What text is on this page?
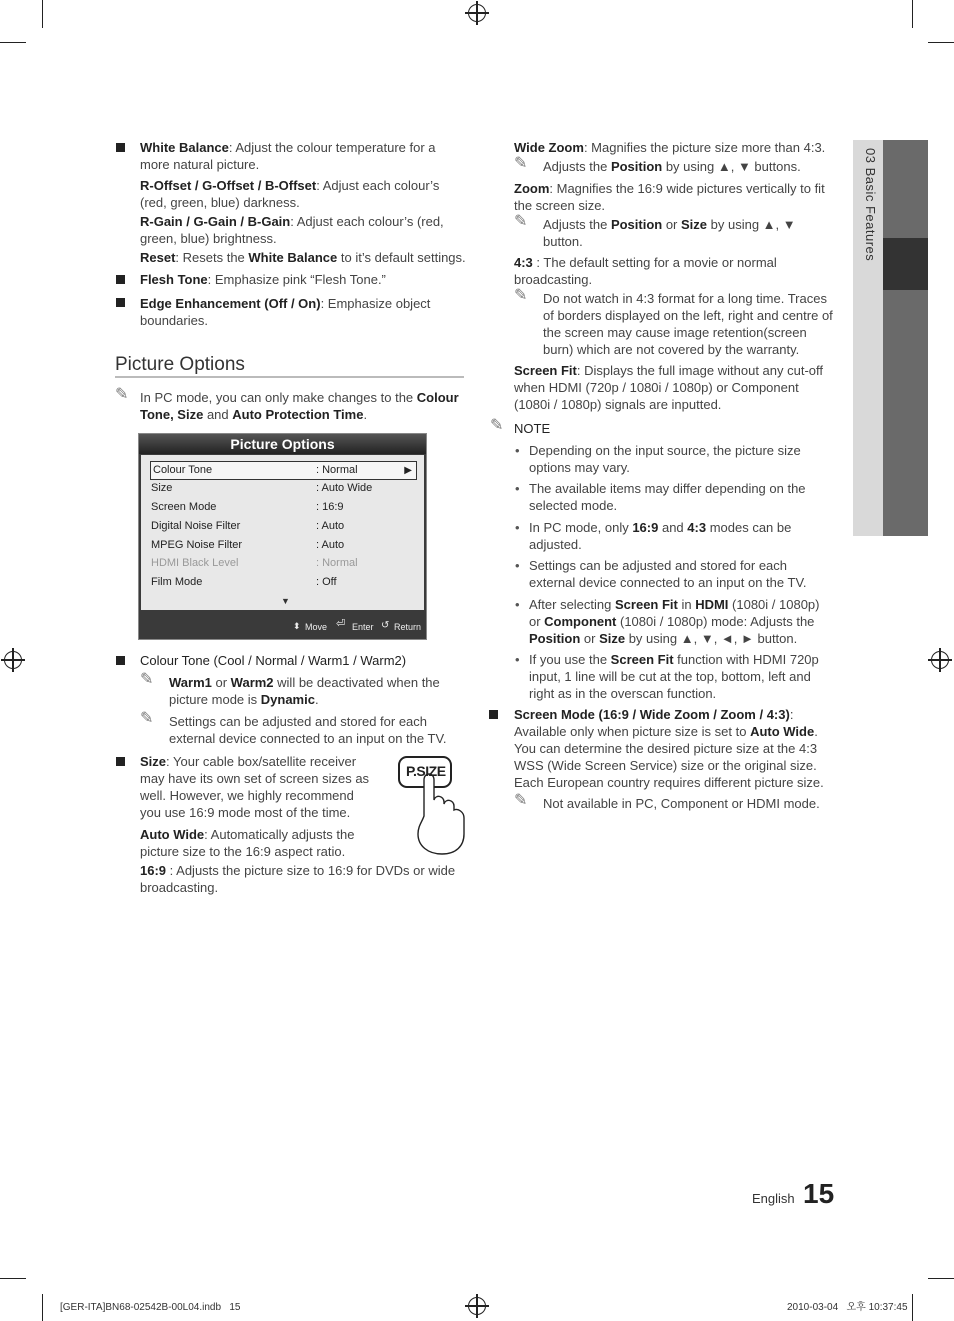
03 Basic Features
White Balance: Adjust the colour temperature for a more natural picture.
R-Offset / G-Offset / B-Offset: Adjust each colour’s (red, green, blue) darkness.
R-Gain / G-Gain / B-Gain: Adjust each colour’s (red, green, blue) brightness.
Reset: Resets the White Balance to it’s default settings.
Flesh Tone: Emphasize pink “Flesh Tone.”
Edge Enhancement (Off / On): Emphasize object boundaries.
Picture Options
✎ In PC mode, you can only make changes to the Colour Tone, Size and Auto Protection Time.
Picture Options
Colour Tone	: Normal	▶
Size	: Auto Wide
Screen Mode	: 16:9
Digital Noise Filter	: Auto
MPEG Noise Filter	: Auto
HDMI Black Level	: Normal
Film Mode	: Off
▼
⬍ Move ⏎ Enter ↺ Return
Colour Tone (Cool / Normal / Warm1 / Warm2)
✎ Warm1 or Warm2 will be deactivated when the picture mode is Dynamic.
✎ Settings can be adjusted and stored for each external device connected to an input on the TV.
Size: Your cable box/satellite receiver may have its own set of screen sizes as well. However, we highly recommend you use 16:9 mode most of the time.
Auto Wide: Automatically adjusts the picture size to the 16:9 aspect ratio.
16:9 : Adjusts the picture size to 16:9 for DVDs or wide broadcasting.
P.SIZE
Wide Zoom: Magnifies the picture size more than 4:3.
✎ Adjusts the Position by using ▲, ▼ buttons.
Zoom: Magnifies the 16:9 wide pictures vertically to fit the screen size.
✎ Adjusts the Position or Size by using ▲, ▼ button.
4:3 : The default setting for a movie or normal broadcasting.
✎ Do not watch in 4:3 format for a long time. Traces of borders displayed on the left, right and centre of the screen may cause image retention(screen burn) which are not covered by the warranty.
Screen Fit: Displays the full image without any cut-off when HDMI (720p / 1080i / 1080p) or Component (1080i / 1080p) signals are inputted.
✎ NOTE
• Depending on the input source, the picture size options may vary.
• The available items may differ depending on the selected mode.
• In PC mode, only 16:9 and 4:3 modes can be adjusted.
• Settings can be adjusted and stored for each external device connected to an input on the TV.
• After selecting Screen Fit in HDMI (1080i / 1080p) or Component (1080i / 1080p) mode: Adjusts the Position or Size by using ▲, ▼, ◄, ► button.
• If you use the Screen Fit function with HDMI 720p input, 1 line will be cut at the top, bottom, left and right as in the overscan function.
Screen Mode (16:9 / Wide Zoom / Zoom / 4:3): Available only when picture size is set to Auto Wide. You can determine the desired picture size at the 4:3 WSS (Wide Screen Service) size or the original size. Each European country requires different picture size.
✎ Not available in PC, Component or HDMI mode.
English 15
[GER-ITA]BN68-02542B-00L04.indb   15	2010-03-04   오후 10:37:45
